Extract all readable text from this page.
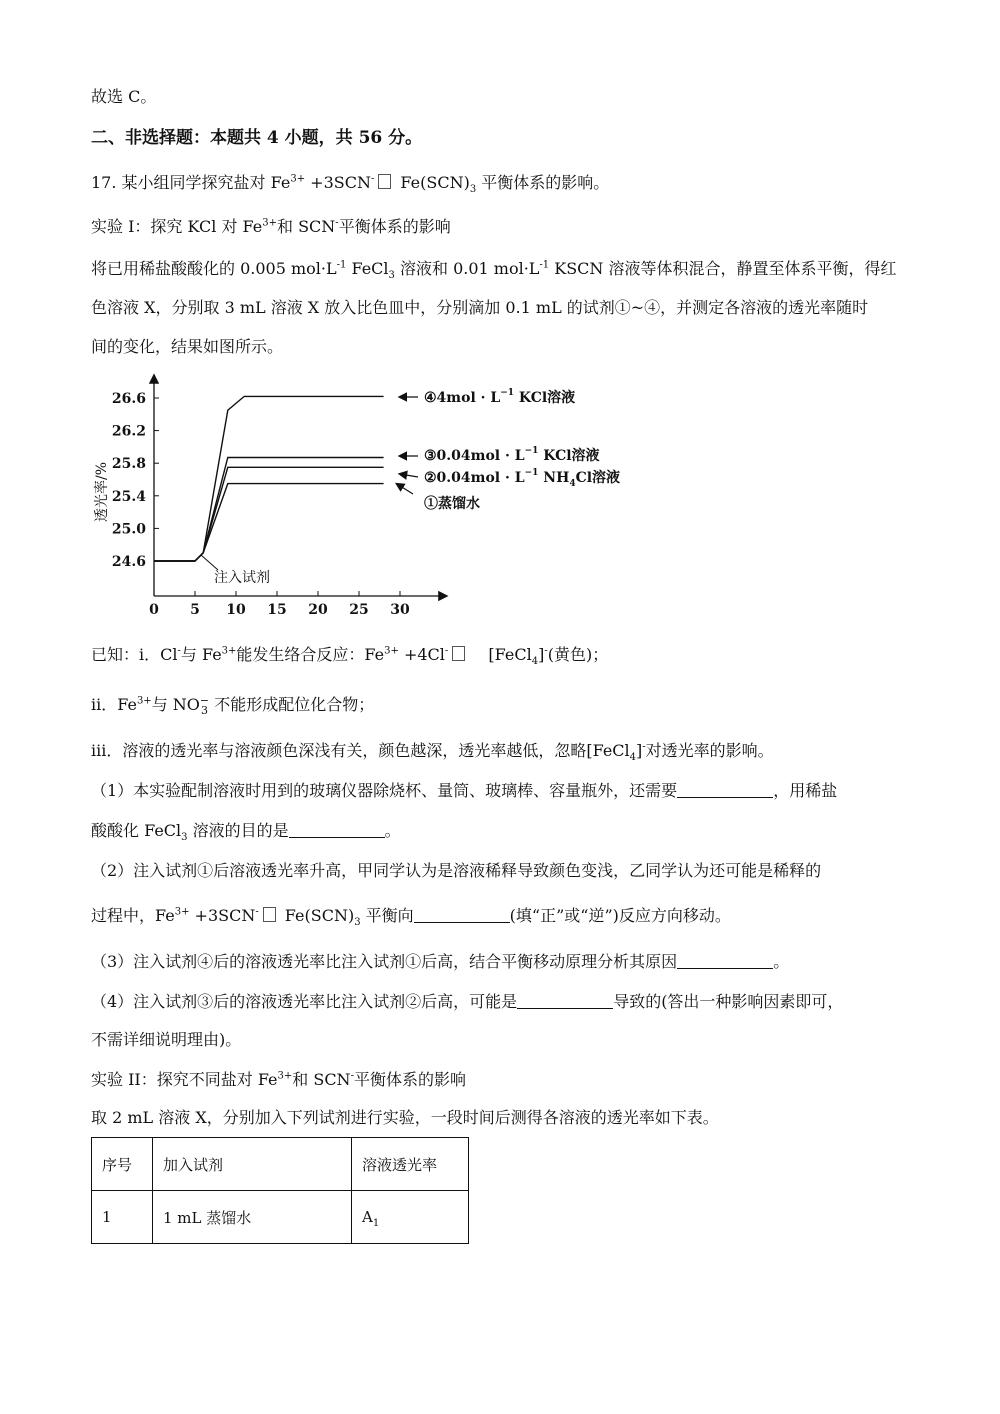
故选 C。
二、非选择题：本题共 4 小题，共 56 分。
17. 某小组同学探究盐对 $Fe^{3+} +3SCN^-$ $Fe(SCN)_3$ 平衡体系的影响。
实验 I：探究 KCl 对 $Fe^{3+}$和 SCN-平衡体系的影响
将已用稀盐酸酸化的 0.005 $mol\cdot L^{-1}$ FeCl$_3$ 溶液和 0.01 $mol\cdot L^{-1}$ KSCN 溶液等体积混合，静置至体系平衡，得红
色溶液 X，分别取 3 mL 溶液 X 放入比色皿中，分别滴加 0.1 mL 的试剂①~④，并测定各溶液的透光率随时
间的变化，结果如图所示。
0 5 10 15 20 25 30
24.6
25.0
25.4
25.8
26.2
26.6
透光率/%
注入试剂
④4mol · $L^{-1}$ KCl溶液
③0.04mol · $L^{-1}$ KCl溶液
②0.04mol · $L^{-1}$ $NH_4Cl$溶液
①蒸馏水
已知：i．Cl-与 $Fe^{3+}$能发生络合反应：$Fe^{3+} +4Cl^-$ [FeCl$_4$]-(黄色)；
ii．$Fe^{3+}$与 NO−
3 不能形成配位化合物；
iii．溶液的透光率与溶液颜色深浅有关，颜色越深，透光率越低，忽略[FeCl$_4$]-对透光率的影响。
（1）本实验配制溶液时用到的玻璃仪器除烧杯、量筒、玻璃棒、容量瓶外，还需要	，用稀盐
酸酸化 FeCl$_3$ 溶液的目的是	。
（2）注入试剂①后溶液透光率升高，甲同学认为是溶液稀释导致颜色变浅，乙同学认为还可能是稀释的
过程中，$Fe^{3+} +3SCN^-$ $Fe(SCN)_3$ 平衡向	(填“正”或“逆”)反应方向移动。
（3）注入试剂④后的溶液透光率比注入试剂①后高，结合平衡移动原理分析其原因	。
（4）注入试剂③后的溶液透光率比注入试剂②后高，可能是	导致的(答出一种影响因素即可，
不需详细说明理由)。
实验 II：探究不同盐对 $Fe^{3+}$和 SCN-平衡体系的影响
取 2 mL 溶液 X，分别加入下列试剂进行实验，一段时间后测得各溶液的透光率如下表。
序号	加入试剂	溶液透光率
1	1 mL 蒸馏水	$A_1$
